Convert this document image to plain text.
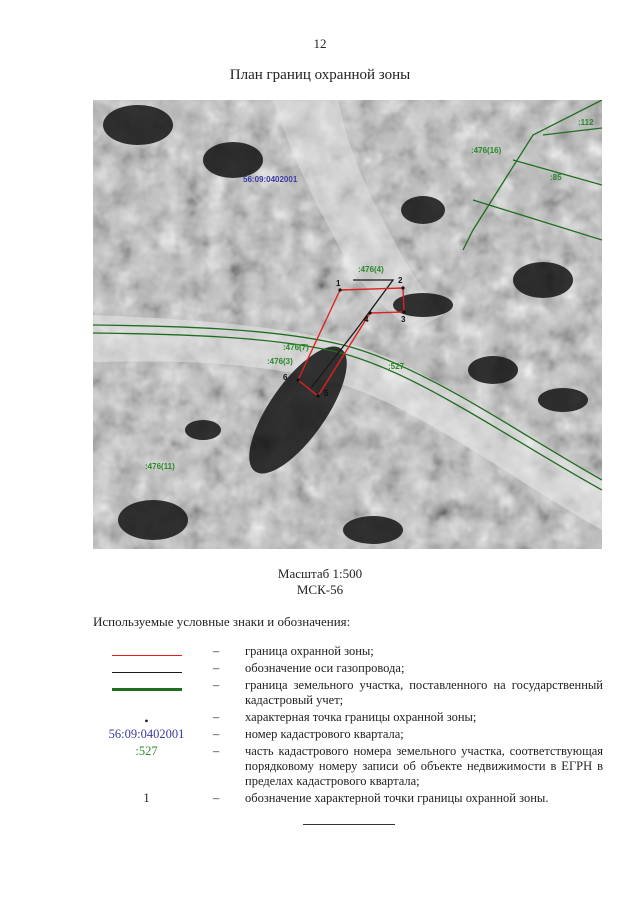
12
План границ охранной зоны
56:09:0402001
:476(4)
:476(7)
:476(3)
:476(11)
:476(16)
:527
:85
:112
1	2
3
4
5
6
Масштаб 1:500
МСК-56
Используемые условные знаки и обозначения:
–	граница охранной зоны;
–	обозначение оси газопровода;
–	граница земельного участка, поставленного на государственный кадастровый учет;
•	–	характерная точка границы охранной зоны;
56:09:0402001	–	номер кадастрового квартала;
:527	–	часть кадастрового номера земельного участка, соответствующая порядковому номеру записи об объекте недвижимости в ЕГРН в пределах кадастрового квартала;
1	–	обозначение характерной точки границы охранной зоны.
